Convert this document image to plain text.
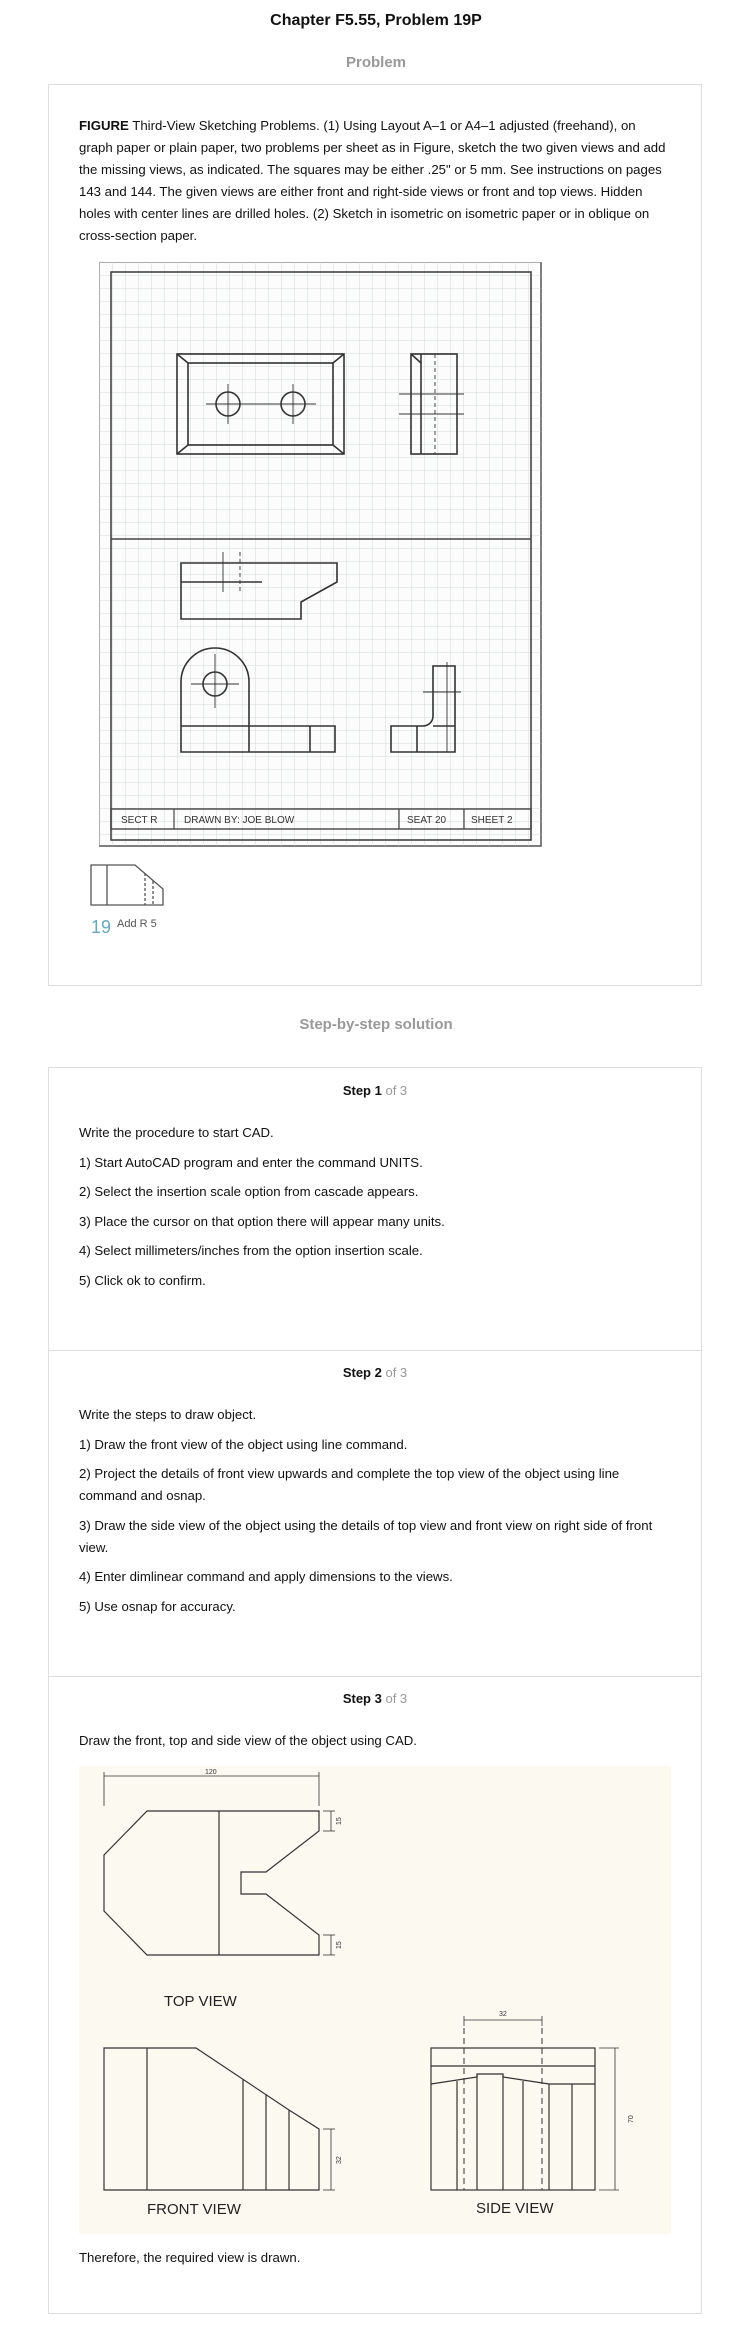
Chapter F5.55, Problem 19P
Problem
FIGURE Third-View Sketching Problems. (1) Using Layout A–1 or A4–1 adjusted (freehand), on graph paper or plain paper, two problems per sheet as in Figure, sketch the two given views and add the missing views, as indicated. The squares may be either .25" or 5 mm. See instructions on pages 143 and 144. The given views are either front and right-side views or front and top views. Hidden holes with center lines are drilled holes. (2) Sketch in isometric on isometric paper or in oblique on cross-section paper.
SECT R	DRAWN BY: JOE BLOW	SEAT 20 SHEET 2
19 Add R 5
Step-by-step solution
Step 1 of 3

Write the procedure to start CAD.

1) Start AutoCAD program and enter the command UNITS.

2) Select the insertion scale option from cascade appears.

3) Place the cursor on that option there will appear many units.

4) Select millimeters/inches from the option insertion scale.

5) Click ok to confirm.

Step 2 of 3

Write the steps to draw object.

1) Draw the front view of the object using line command.

2) Project the details of front view upwards and complete the top view of the object using line command and osnap.

3) Draw the side view of the object using the details of top view and front view on right side of front view.

4) Enter dimlinear command and apply dimensions to the views.

5) Use osnap for accuracy.

Step 3 of 3

Draw the front, top and side view of the object using CAD.

120
15
15
TOP VIEW
32
FRONT VIEW
32
70
SIDE VIEW
Therefore, the required view is drawn.
